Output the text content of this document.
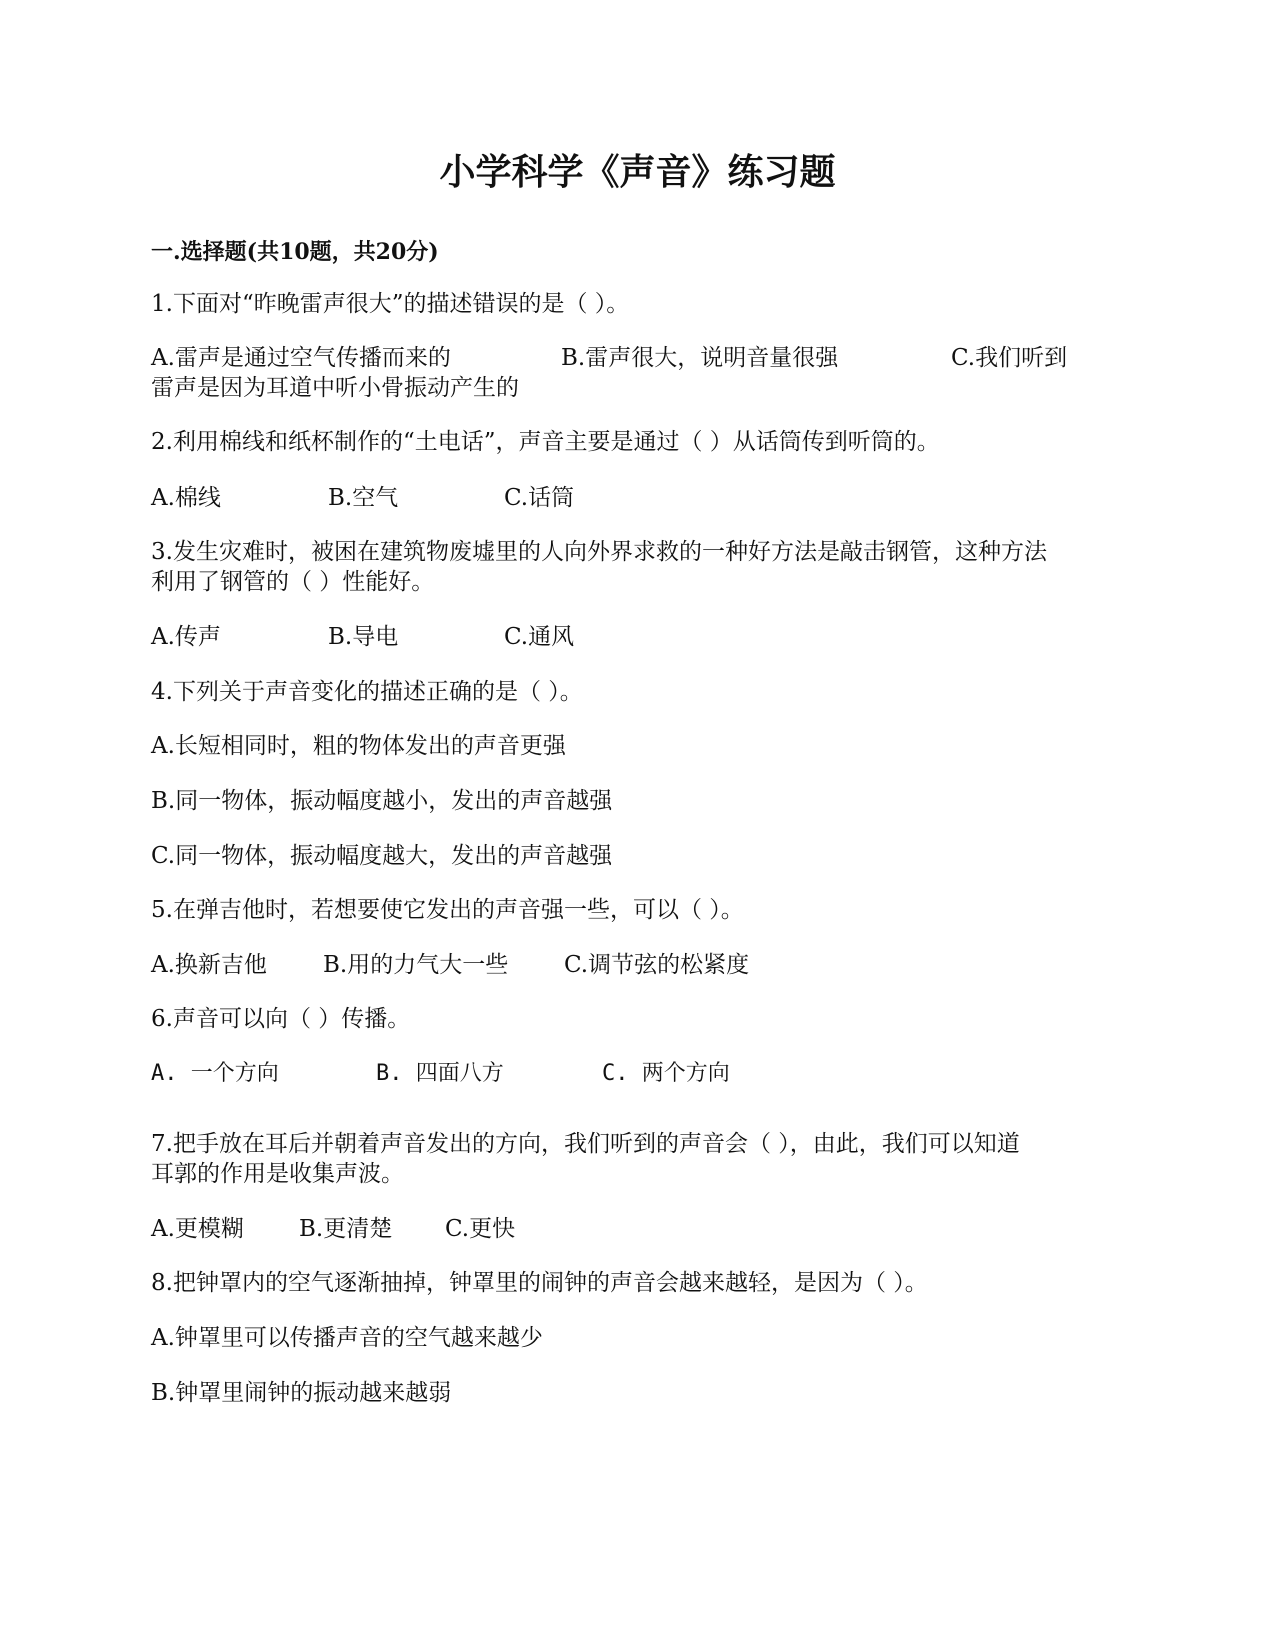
小学科学《声音》练习题
一.选择题(共10题，共20分)
1.下面对“昨晚雷声很大”的描述错误的是（ ）。
A.雷声是通过空气传播而来的	B.雷声很大，说明音量很强	C.我们听到
雷声是因为耳道中听小骨振动产生的
2.利用棉线和纸杯制作的“土电话”，声音主要是通过（ ）从话筒传到听筒的。
A.棉线	B.空气	C.话筒
3.发生灾难时，被困在建筑物废墟里的人向外界求救的一种好方法是敲击钢管，这种方法
利用了钢管的（ ）性能好。
A.传声	B.导电	C.通风
4.下列关于声音变化的描述正确的是（ ）。
A.长短相同时，粗的物体发出的声音更强
B.同一物体，振动幅度越小，发出的声音越强
C.同一物体，振动幅度越大，发出的声音越强
5.在弹吉他时，若想要使它发出的声音强一些，可以（ ）。
A.换新吉他 B.用的力气大一些 C.调节弦的松紧度
6.声音可以向（ ）传播。
A. 一个方向	B. 四面八方	C. 两个方向
7.把手放在耳后并朝着声音发出的方向，我们听到的声音会（ ），由此，我们可以知道
耳郭的作用是收集声波。
A.更模糊 B.更清楚 C.更快
8.把钟罩内的空气逐渐抽掉，钟罩里的闹钟的声音会越来越轻，是因为（ ）。
A.钟罩里可以传播声音的空气越来越少
B.钟罩里闹钟的振动越来越弱
